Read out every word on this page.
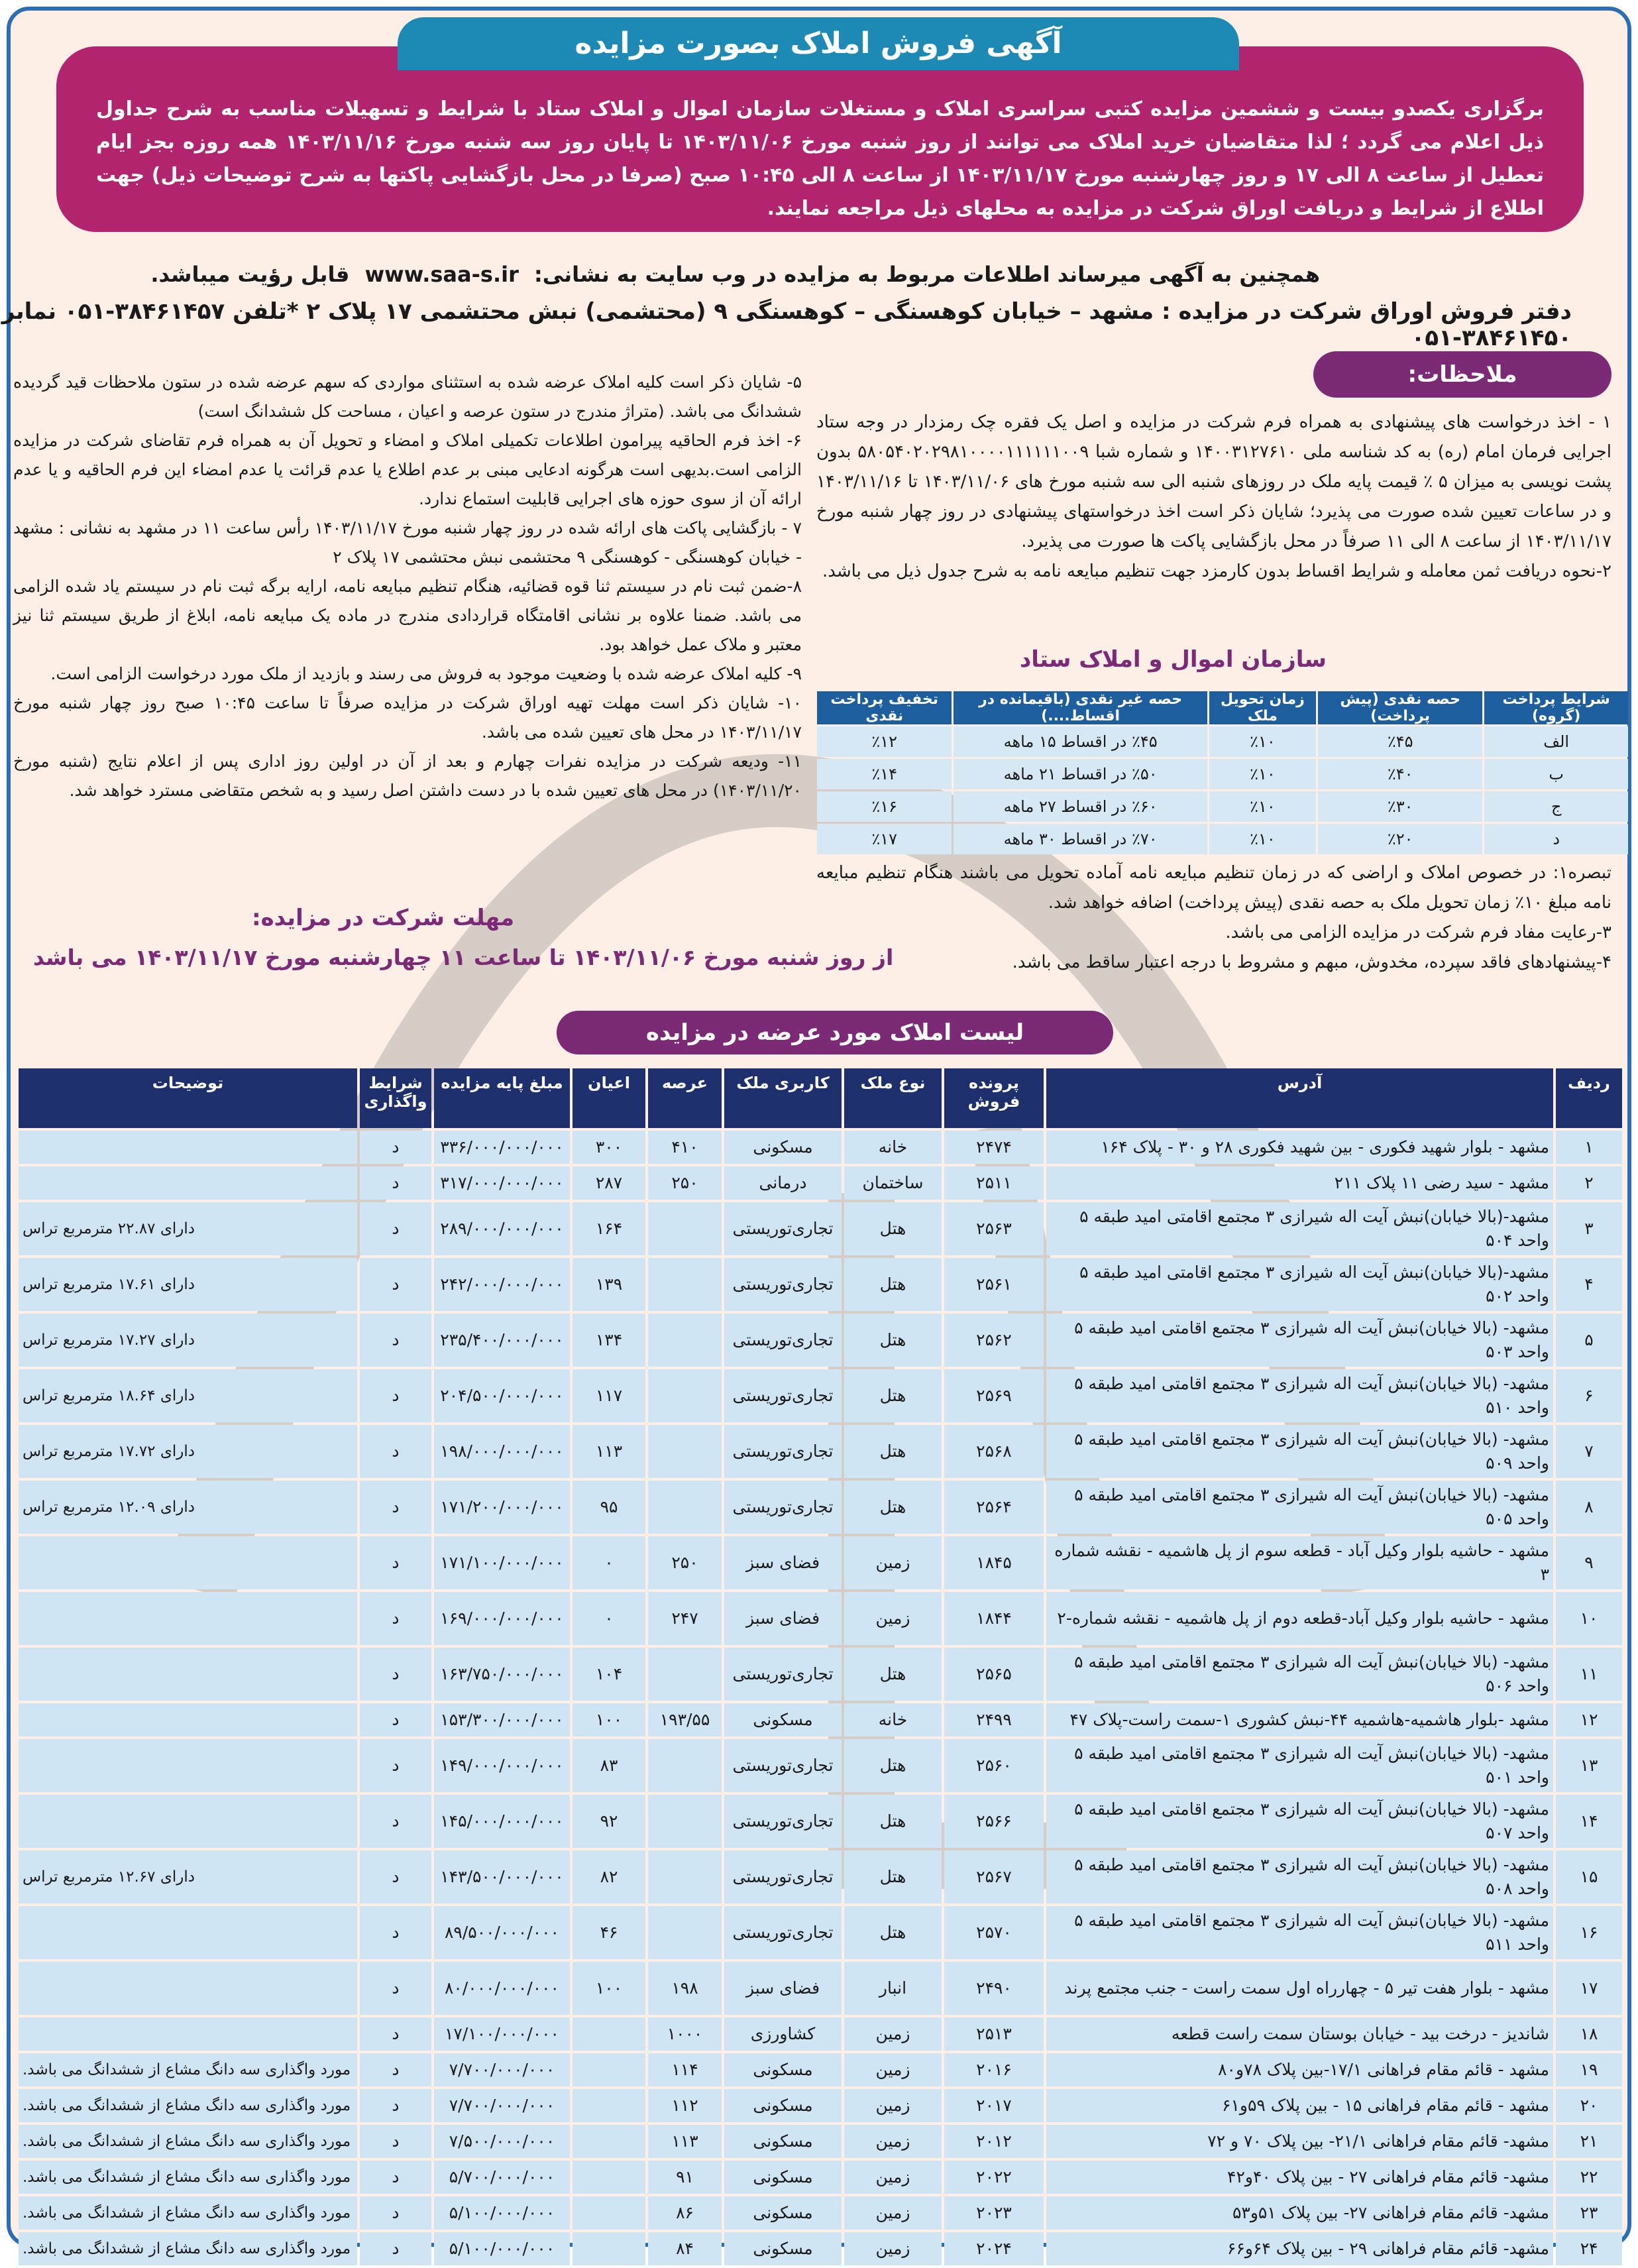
آگهی فروش املاک بصورت مزایده

برگزاری یکصدو بیست و ششمین مزایده کتبی سراسری املاک و مستغلات سازمان اموال و املاک ستاد با شرایط و تسهیلات مناسب به شرح جداول ذیل اعلام می گردد ؛ لذا متقاضیان خرید املاک می توانند از روز شنبه مورخ ۱۴۰۳/۱۱/۰۶ تا پایان روز سه شنبه مورخ ۱۴۰۳/۱۱/۱۶ همه روزه بجز ایام تعطیل از ساعت ۸ الی ۱۷ و روز چهارشنبه مورخ ۱۴۰۳/۱۱/۱۷ از ساعت ۸ الی ۱۰:۴۵ صبح (صرفا در محل بازگشایی پاکتها به شرح توضیحات ذیل) جهت اطلاع از شرایط و دریافت اوراق شرکت در مزایده به محلهای ذیل مراجعه نمایند.

همچنین به آگهی میرساند اطلاعات مربوط به مزایده در وب سایت به نشانی: www.saa-s.ir قابل رؤیت میباشد.
دفتر فروش اوراق شرکت در مزایده : مشهد – خیابان کوهسنگی – کوهسنگی ۹ (محتشمی) نبش محتشمی ۱۷ پلاک ۲ *تلفن ۳۸۴۶۱۴۵۷-۰۵۱ نمابر ۳۸۴۶۱۴۵۰-۰۵۱
ملاحظات:

۱ - اخذ درخواست های پیشنهادی به همراه فرم شرکت در مزایده و اصل یک فقره چک رمزدار در وجه ستاد اجرایی فرمان امام (ره) به کد شناسه ملی ۱۴۰۰۳۱۲۷۶۱۰ و شماره شبا ۵۸۰۵۴۰۲۰۲۹۸۱۰۰۰۰۱۱۱۱۱۱۰۰۹ بدون پشت نویسی به میزان ۵ ٪ قیمت پایه ملک در روزهای شنبه الی سه شنبه مورخ های ۱۴۰۳/۱۱/۰۶ تا ۱۴۰۳/۱۱/۱۶ و در ساعات تعیین شده صورت می پذیرد؛ شایان ذکر است اخذ درخواستهای پیشنهادی در روز چهار شنبه مورخ ۱۴۰۳/۱۱/۱۷ از ساعت ۸ الی ۱۱ صرفاً در محل بازگشایی پاکت ها صورت می پذیرد.

۲-نحوه دریافت ثمن معامله و شرایط اقساط بدون کارمزد جهت تنظیم مبایعه نامه به شرح جدول ذیل می باشد.

سازمان اموال و املاک ستاد
شرایط پرداخت (گروه)	حصه نقدی (پیش پرداخت)	زمان تحویل ملک	حصه غیر نقدی (باقیمانده در اقساط....)	تخفیف پرداخت نقدی
الف	٪۴۵	٪۱۰	٪۴۵ در اقساط ۱۵ ماهه	٪۱۲
ب	٪۴۰	٪۱۰	٪۵۰ در اقساط ۲۱ ماهه	٪۱۴
ج	٪۳۰	٪۱۰	٪۶۰ در اقساط ۲۷ ماهه	٪۱۶
د	٪۲۰	٪۱۰	٪۷۰ در اقساط ۳۰ ماهه	٪۱۷

تبصره۱: در خصوص املاک و اراضی که در زمان تنظیم مبایعه نامه آماده تحویل می باشند هنگام تنظیم مبایعه نامه مبلغ ۱۰٪ زمان تحویل ملک به حصه نقدی (پیش پرداخت) اضافه خواهد شد.

۳-رعایت مفاد فرم شرکت در مزایده الزامی می باشد.

۴-پیشنهادهای فاقد سپرده، مخدوش، مبهم و مشروط با درجه اعتبار ساقط می باشد.

۵- شایان ذکر است کلیه املاک عرضه شده به استثنای مواردی که سهم عرضه شده در ستون ملاحظات قید گردیده ششدانگ می باشد. (متراژ مندرج در ستون عرصه و اعیان ، مساحت کل ششدانگ است)

۶- اخذ فرم الحاقیه پیرامون اطلاعات تکمیلی املاک و امضاء و تحویل آن به همراه فرم تقاضای شرکت در مزایده الزامی است.بدیهی است هرگونه ادعایی مبنی بر عدم اطلاع یا عدم قرائت یا عدم امضاء این فرم الحاقیه و یا عدم ارائه آن از سوی حوزه های اجرایی قابلیت استماع ندارد.

۷ - بازگشایی پاکت های ارائه شده در روز چهار شنبه مورخ ۱۴۰۳/۱۱/۱۷ رأس ساعت ۱۱ در مشهد به نشانی : مشهد - خیابان کوهسنگی - کوهسنگی ۹ محتشمی نبش محتشمی ۱۷ پلاک ۲

۸-ضمن ثبت نام در سیستم ثنا قوه قضائیه، هنگام تنظیم مبایعه نامه، ارایه برگه ثبت نام در سیستم یاد شده الزامی می باشد. ضمنا علاوه بر نشانی اقامتگاه قراردادی مندرج در ماده یک مبایعه نامه، ابلاغ از طریق سیستم ثنا نیز معتبر و ملاک عمل خواهد بود.

۹- کلیه املاک عرضه شده با وضعیت موجود به فروش می رسند و بازدید از ملک مورد درخواست الزامی است.

۱۰- شایان ذکر است مهلت تهیه اوراق شرکت در مزایده صرفاً تا ساعت ۱۰:۴۵ صبح روز چهار شنبه مورخ ۱۴۰۳/۱۱/۱۷ در محل های تعیین شده می باشد.

۱۱- ودیعه شرکت در مزایده نفرات چهارم و بعد از آن در اولین روز اداری پس از اعلام نتایج (شنبه مورخ ۱۴۰۳/۱۱/۲۰) در محل های تعیین شده با در دست داشتن اصل رسید و به شخص متقاضی مسترد خواهد شد.

مهلت شرکت در مزایده:
از روز شنبه مورخ ۱۴۰۳/۱۱/۰۶ تا ساعت ۱۱ چهارشنبه مورخ ۱۴۰۳/۱۱/۱۷ می باشد
لیست املاک مورد عرضه در مزایده
ردیف	آدرس	پرونده فروش	نوع ملک	کاربری ملک	عرصه	اعیان	مبلغ پایه مزایده	شرایط واگذاری	توضیحات
۱	مشهد - بلوار شهید فکوری - بین شهید فکوری ۲۸ و ۳۰ - پلاک ۱۶۴	۲۴۷۴	خانه	مسکونی	۴۱۰	۳۰۰	۳۳۶/۰۰۰/۰۰۰/۰۰۰	د	
۲	مشهد - سید رضی ۱۱ پلاک ۲۱۱	۲۵۱۱	ساختمان	درمانی	۲۵۰	۲۸۷	۳۱۷/۰۰۰/۰۰۰/۰۰۰	د	
۳	مشهد-(بالا خیابان)نبش آیت اله شیرازی ۳ مجتمع اقامتی امید طبقه ۵ واحد ۵۰۴	۲۵۶۳	هتل	تجاری‌توریستی		۱۶۴	۲۸۹/۰۰۰/۰۰۰/۰۰۰	د	دارای ۲۲.۸۷ مترمربع تراس
۴	مشهد-(بالا خیابان)نبش آیت اله شیرازی ۳ مجتمع اقامتی امید طبقه ۵ واحد ۵۰۲	۲۵۶۱	هتل	تجاری‌توریستی		۱۳۹	۲۴۲/۰۰۰/۰۰۰/۰۰۰	د	دارای ۱۷.۶۱ مترمربع تراس
۵	مشهد- (بالا خیابان)نبش آیت اله شیرازی ۳ مجتمع اقامتی امید طبقه ۵ واحد ۵۰۳	۲۵۶۲	هتل	تجاری‌توریستی		۱۳۴	۲۳۵/۴۰۰/۰۰۰/۰۰۰	د	دارای ۱۷.۲۷ مترمربع تراس
۶	مشهد- (بالا خیابان)نبش آیت اله شیرازی ۳ مجتمع اقامتی امید طبقه ۵ واحد ۵۱۰	۲۵۶۹	هتل	تجاری‌توریستی		۱۱۷	۲۰۴/۵۰۰/۰۰۰/۰۰۰	د	دارای ۱۸.۶۴ مترمربع تراس
۷	مشهد- (بالا خیابان)نبش آیت اله شیرازی ۳ مجتمع اقامتی امید طبقه ۵ واحد ۵۰۹	۲۵۶۸	هتل	تجاری‌توریستی		۱۱۳	۱۹۸/۰۰۰/۰۰۰/۰۰۰	د	دارای ۱۷.۷۲ مترمربع تراس
۸	مشهد- (بالا خیابان)نبش آیت اله شیرازی ۳ مجتمع اقامتی امید طبقه ۵ واحد ۵۰۵	۲۵۶۴	هتل	تجاری‌توریستی		۹۵	۱۷۱/۲۰۰/۰۰۰/۰۰۰	د	دارای ۱۲.۰۹ مترمربع تراس
۹	مشهد - حاشیه بلوار وکیل آباد - قطعه سوم از پل هاشمیه - نقشه شماره ۳	۱۸۴۵	زمین	فضای سبز	۲۵۰	۰	۱۷۱/۱۰۰/۰۰۰/۰۰۰	د	
۱۰	مشهد - حاشیه بلوار وکیل آباد-قطعه دوم از پل هاشمیه - نقشه شماره-۲	۱۸۴۴	زمین	فضای سبز	۲۴۷	۰	۱۶۹/۰۰۰/۰۰۰/۰۰۰	د	
۱۱	مشهد- (بالا خیابان)نبش آیت اله شیرازی ۳ مجتمع اقامتی امید طبقه ۵ واحد ۵۰۶	۲۵۶۵	هتل	تجاری‌توریستی		۱۰۴	۱۶۳/۷۵۰/۰۰۰/۰۰۰	د	
۱۲	مشهد -بلوار هاشمیه-هاشمیه ۴۴-نبش کشوری ۱-سمت راست-پلاک ۴۷	۲۴۹۹	خانه	مسکونی	۱۹۳/۵۵	۱۰۰	۱۵۳/۳۰۰/۰۰۰/۰۰۰	د	
۱۳	مشهد- (بالا خیابان)نبش آیت اله شیرازی ۳ مجتمع اقامتی امید طبقه ۵ واحد ۵۰۱	۲۵۶۰	هتل	تجاری‌توریستی		۸۳	۱۴۹/۰۰۰/۰۰۰/۰۰۰	د	
۱۴	مشهد- (بالا خیابان)نبش آیت اله شیرازی ۳ مجتمع اقامتی امید طبقه ۵ واحد ۵۰۷	۲۵۶۶	هتل	تجاری‌توریستی		۹۲	۱۴۵/۰۰۰/۰۰۰/۰۰۰	د	
۱۵	مشهد- (بالا خیابان)نبش آیت اله شیرازی ۳ مجتمع اقامتی امید طبقه ۵ واحد ۵۰۸	۲۵۶۷	هتل	تجاری‌توریستی		۸۲	۱۴۳/۵۰۰/۰۰۰/۰۰۰	د	دارای ۱۲.۶۷ مترمربع تراس
۱۶	مشهد- (بالا خیابان)نبش آیت اله شیرازی ۳ مجتمع اقامتی امید طبقه ۵ واحد ۵۱۱	۲۵۷۰	هتل	تجاری‌توریستی		۴۶	۸۹/۵۰۰/۰۰۰/۰۰۰	د	
۱۷	مشهد - بلوار هفت تیر ۵ - چهارراه اول سمت راست - جنب مجتمع پرند	۲۴۹۰	انبار	فضای سبز	۱۹۸	۱۰۰	۸۰/۰۰۰/۰۰۰/۰۰۰	د	
۱۸	شاندیز - درخت بید - خیابان بوستان سمت راست قطعه	۲۵۱۳	زمین	کشاورزی	۱۰۰۰		۱۷/۱۰۰/۰۰۰/۰۰۰	د	
۱۹	مشهد - قائم مقام فراهانی ۱۷/۱-بین پلاک ۷۸و۸۰	۲۰۱۶	زمین	مسکونی	۱۱۴		۷/۷۰۰/۰۰۰/۰۰۰	د	مورد واگذاری سه دانگ مشاع از ششدانگ می باشد.
۲۰	مشهد - قائم مقام فراهانی ۱۵ - بین پلاک ۵۹و۶۱	۲۰۱۷	زمین	مسکونی	۱۱۲		۷/۷۰۰/۰۰۰/۰۰۰	د	مورد واگذاری سه دانگ مشاع از ششدانگ می باشد.
۲۱	مشهد- قائم مقام فراهانی ۲۱/۱- بین پلاک ۷۰ و ۷۲	۲۰۱۲	زمین	مسکونی	۱۱۳		۷/۵۰۰/۰۰۰/۰۰۰	د	مورد واگذاری سه دانگ مشاع از ششدانگ می باشد.
۲۲	مشهد- قائم مقام فراهانی ۲۷ - بین پلاک ۴۰و۴۲	۲۰۲۲	زمین	مسکونی	۹۱		۵/۷۰۰/۰۰۰/۰۰۰	د	مورد واگذاری سه دانگ مشاع از ششدانگ می باشد.
۲۳	مشهد- قائم مقام فراهانی ۲۷- بین پلاک ۵۱و۵۳	۲۰۲۳	زمین	مسکونی	۸۶		۵/۱۰۰/۰۰۰/۰۰۰	د	مورد واگذاری سه دانگ مشاع از ششدانگ می باشد.
۲۴	مشهد- قائم مقام فراهانی ۲۹ - بین پلاک ۶۴و۶۶	۲۰۲۴	زمین	مسکونی	۸۴		۵/۱۰۰/۰۰۰/۰۰۰	د	مورد واگذاری سه دانگ مشاع از ششدانگ می باشد.
